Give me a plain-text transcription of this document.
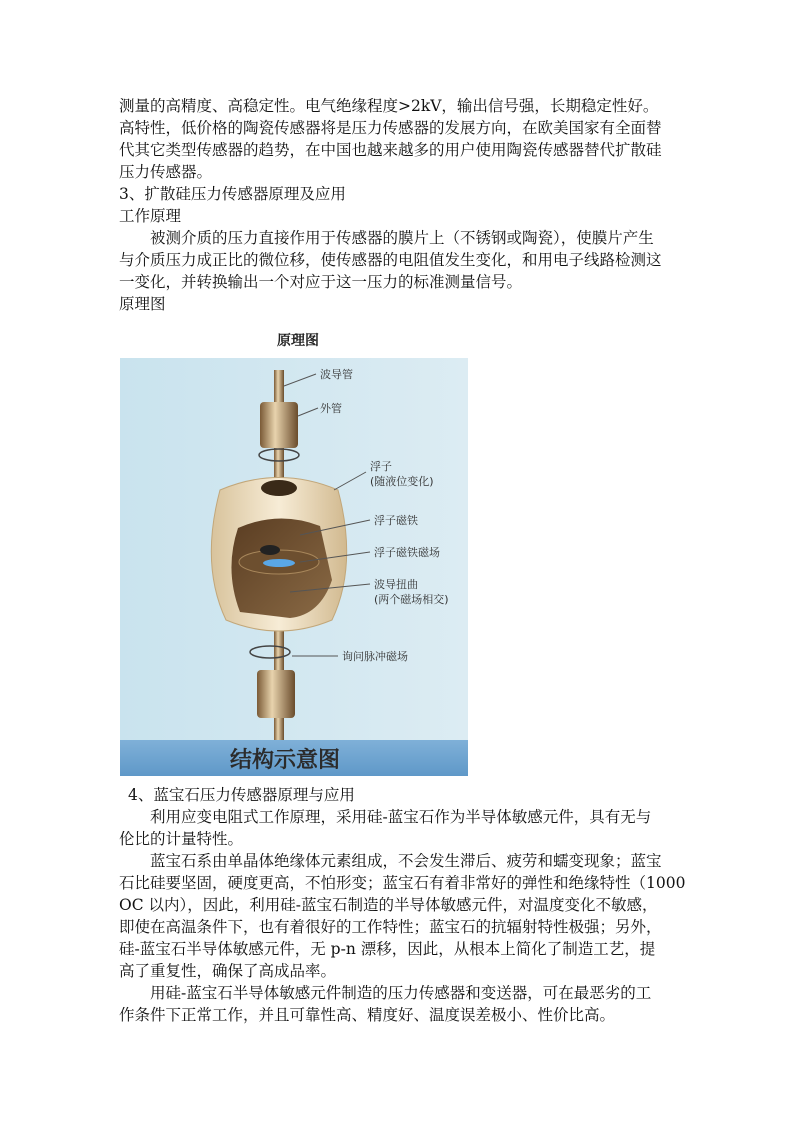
测量的高精度、高稳定性。电气绝缘程度>2kV，输出信号强，长期稳定性好。
高特性，低价格的陶瓷传感器将是压力传感器的发展方向，在欧美国家有全面替
代其它类型传感器的趋势，在中国也越来越多的用户使用陶瓷传感器替代扩散硅
压力传感器。
3、扩散硅压力传感器原理及应用
工作原理
被测介质的压力直接作用于传感器的膜片上（不锈钢或陶瓷），使膜片产生
与介质压力成正比的微位移，使传感器的电阻值发生变化，和用电子线路检测这
一变化，并转换输出一个对应于这一压力的标准测量信号。
原理图
原理图
波导管
外管
浮子
(随液位变化)
浮子磁铁
浮子磁铁磁场
波导扭曲
(两个磁场相交)
询问脉冲磁场
结构示意图
4、蓝宝石压力传感器原理与应用
利用应变电阻式工作原理，采用硅-蓝宝石作为半导体敏感元件，具有无与
伦比的计量特性。
蓝宝石系由单晶体绝缘体元素组成，不会发生滞后、疲劳和蠕变现象；蓝宝
石比硅要坚固，硬度更高，不怕形变；蓝宝石有着非常好的弹性和绝缘特性（1000
OC 以内），因此，利用硅-蓝宝石制造的半导体敏感元件，对温度变化不敏感，
即使在高温条件下，也有着很好的工作特性；蓝宝石的抗辐射特性极强；另外，
硅-蓝宝石半导体敏感元件，无 p-n 漂移，因此，从根本上简化了制造工艺，提
高了重复性，确保了高成品率。
用硅-蓝宝石半导体敏感元件制造的压力传感器和变送器，可在最恶劣的工
作条件下正常工作，并且可靠性高、精度好、温度误差极小、性价比高。
